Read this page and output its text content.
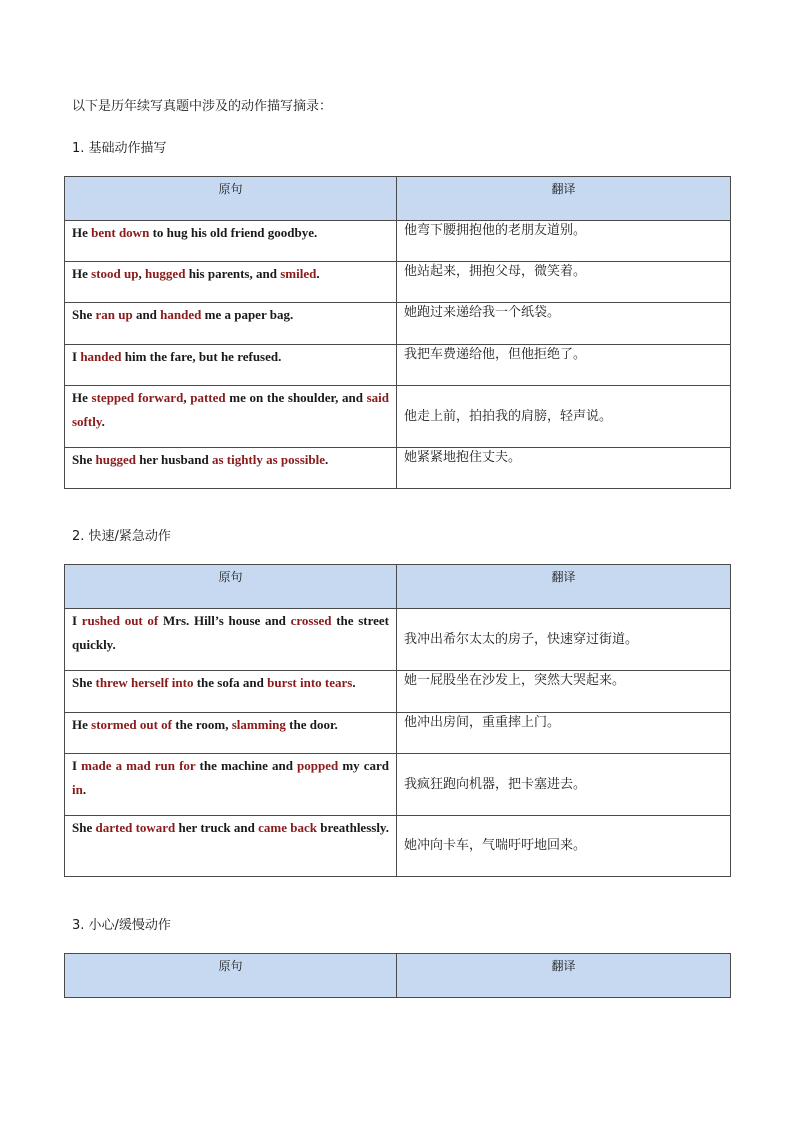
以下是历年续写真题中涉及的动作描写摘录：
1. 基础动作描写
原句	翻译
He bent down to hug his old friend goodbye.	他弯下腰拥抱他的老朋友道别。
He stood up, hugged his parents, and smiled.	他站起来，拥抱父母，微笑着。
She ran up and handed me a paper bag.	她跑过来递给我一个纸袋。
I handed him the fare, but he refused.	我把车费递给他，但他拒绝了。
He stepped forward, patted me on the shoulder, and said softly.	他走上前，拍拍我的肩膀，轻声说。
She hugged her husband as tightly as possible.	她紧紧地抱住丈夫。
2. 快速/紧急动作
原句	翻译
I rushed out of Mrs. Hill’s house and crossed the street quickly.	我冲出希尔太太的房子，快速穿过街道。
She threw herself into the sofa and burst into tears.	她一屁股坐在沙发上，突然大哭起来。
He stormed out of the room, slamming the door.	他冲出房间，重重摔上门。
I made a mad run for the machine and popped my card in.	我疯狂跑向机器，把卡塞进去。
She darted toward her truck and came back breathlessly.	她冲向卡车，气喘吁吁地回来。
3. 小心/缓慢动作
原句	翻译
